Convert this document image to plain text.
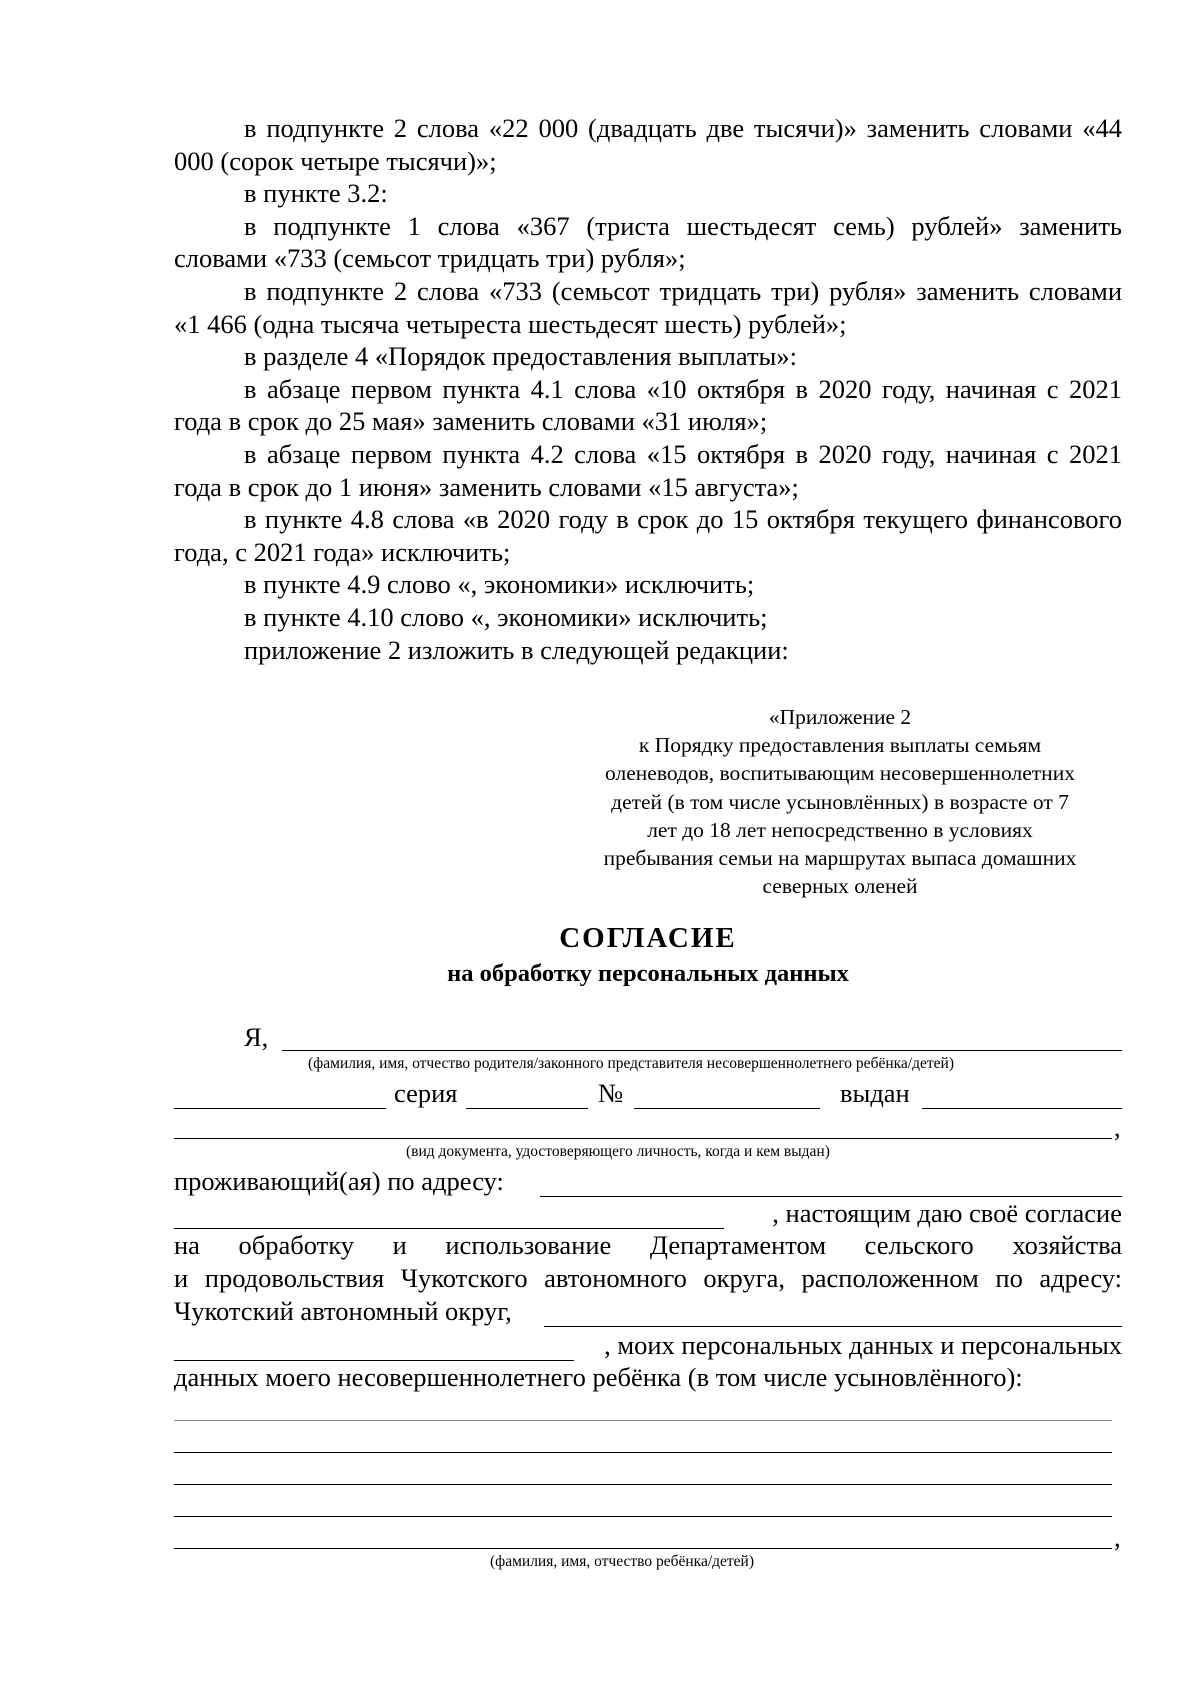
в подпункте 2 слова «22 000 (двадцать две тысячи)» заменить словами «44 000 (сорок четыре тысячи)»;

в пункте 3.2:

в подпункте 1 слова «367 (триста шестьдесят семь) рублей» заменить словами «733 (семьсот тридцать три) рубля»;

в подпункте 2 слова «733 (семьсот тридцать три) рубля» заменить словами «1 466 (одна тысяча четыреста шестьдесят шесть) рублей»;

в разделе 4 «Порядок предоставления выплаты»:

в абзаце первом пункта 4.1 слова «10 октября в 2020 году, начиная с 2021 года в срок до 25 мая» заменить словами «31 июля»;

в абзаце первом пункта 4.2 слова «15 октября в 2020 году, начиная с 2021 года в срок до 1 июня» заменить словами «15 августа»;

в пункте 4.8 слова «в 2020 году в срок до 15 октября текущего финансового года, с 2021 года» исключить;

в пункте 4.9 слово «, экономики» исключить;

в пункте 4.10 слово «, экономики» исключить;

приложение 2 изложить в следующей редакции:

«Приложение 2
к Порядку предоставления выплаты семьям
оленеводов, воспитывающим несовершеннолетних
детей (в том числе усыновлённых) в возрасте от 7
лет до 18 лет непосредственно в условиях
пребывания семьи на маршрутах выпаса домашних
северных оленей
СОГЛАСИЕ
на обработку персональных данных
Я,
(фамилия, имя, отчество родителя/законного представителя несовершеннолетнего ребёнка/детей)
серия	№	выдан
,
(вид документа, удостоверяющего личность, когда и кем выдан)
проживающий(ая) по адресу:
, настоящим даю своё согласие
на обработку и использование Департаментом сельского хозяйства
и продовольствия Чукотского автономного округа, расположенном по адресу:
Чукотский автономный округ,
, моих персональных данных и персональных
данных моего несовершеннолетнего ребёнка (в том числе усыновлённого):
,
(фамилия, имя, отчество ребёнка/детей)
